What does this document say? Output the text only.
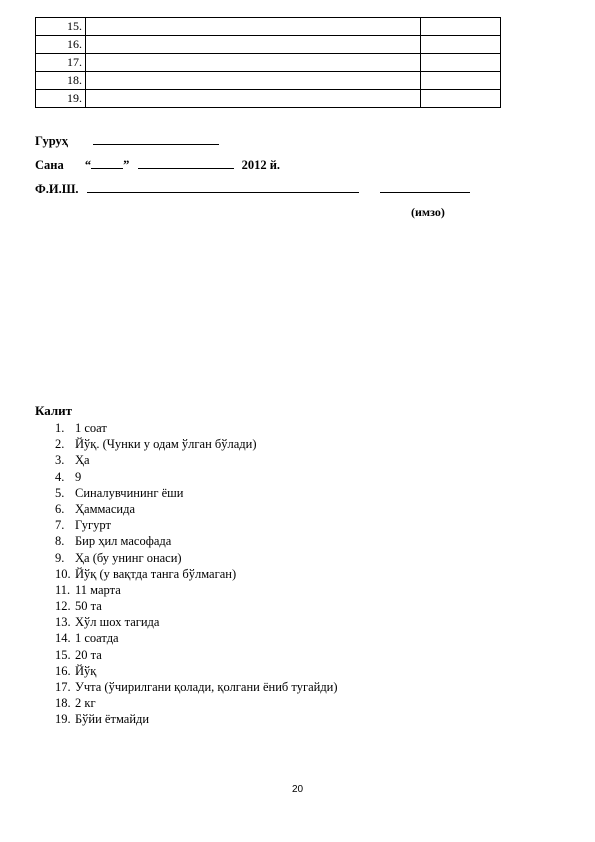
15.		
16.		
17.		
18.		
19.		
Гуруҳ
Сана “	”	2012 й.
Ф.И.Ш.
(имзо)
Калит
1. 1 соат
2. Йўқ. (Чунки у одам ўлган бўлади)
3. Ҳа
4. 9
5. Синалувчининг ёши
6. Ҳаммасида
7. Гугурт
8. Бир ҳил масофада
9. Ҳа (бу унинг онаси)
10. Йўқ (у вақтда танга бўлмаган)
11. 11 марта
12. 50 та
13. Хўл шох тагида
14. 1 соатда
15. 20 та
16. Йўқ
17. Учта (ўчирилгани қолади, қолгани ёниб тугайди)
18. 2 кг
19. Бўйи ётмайди
20
